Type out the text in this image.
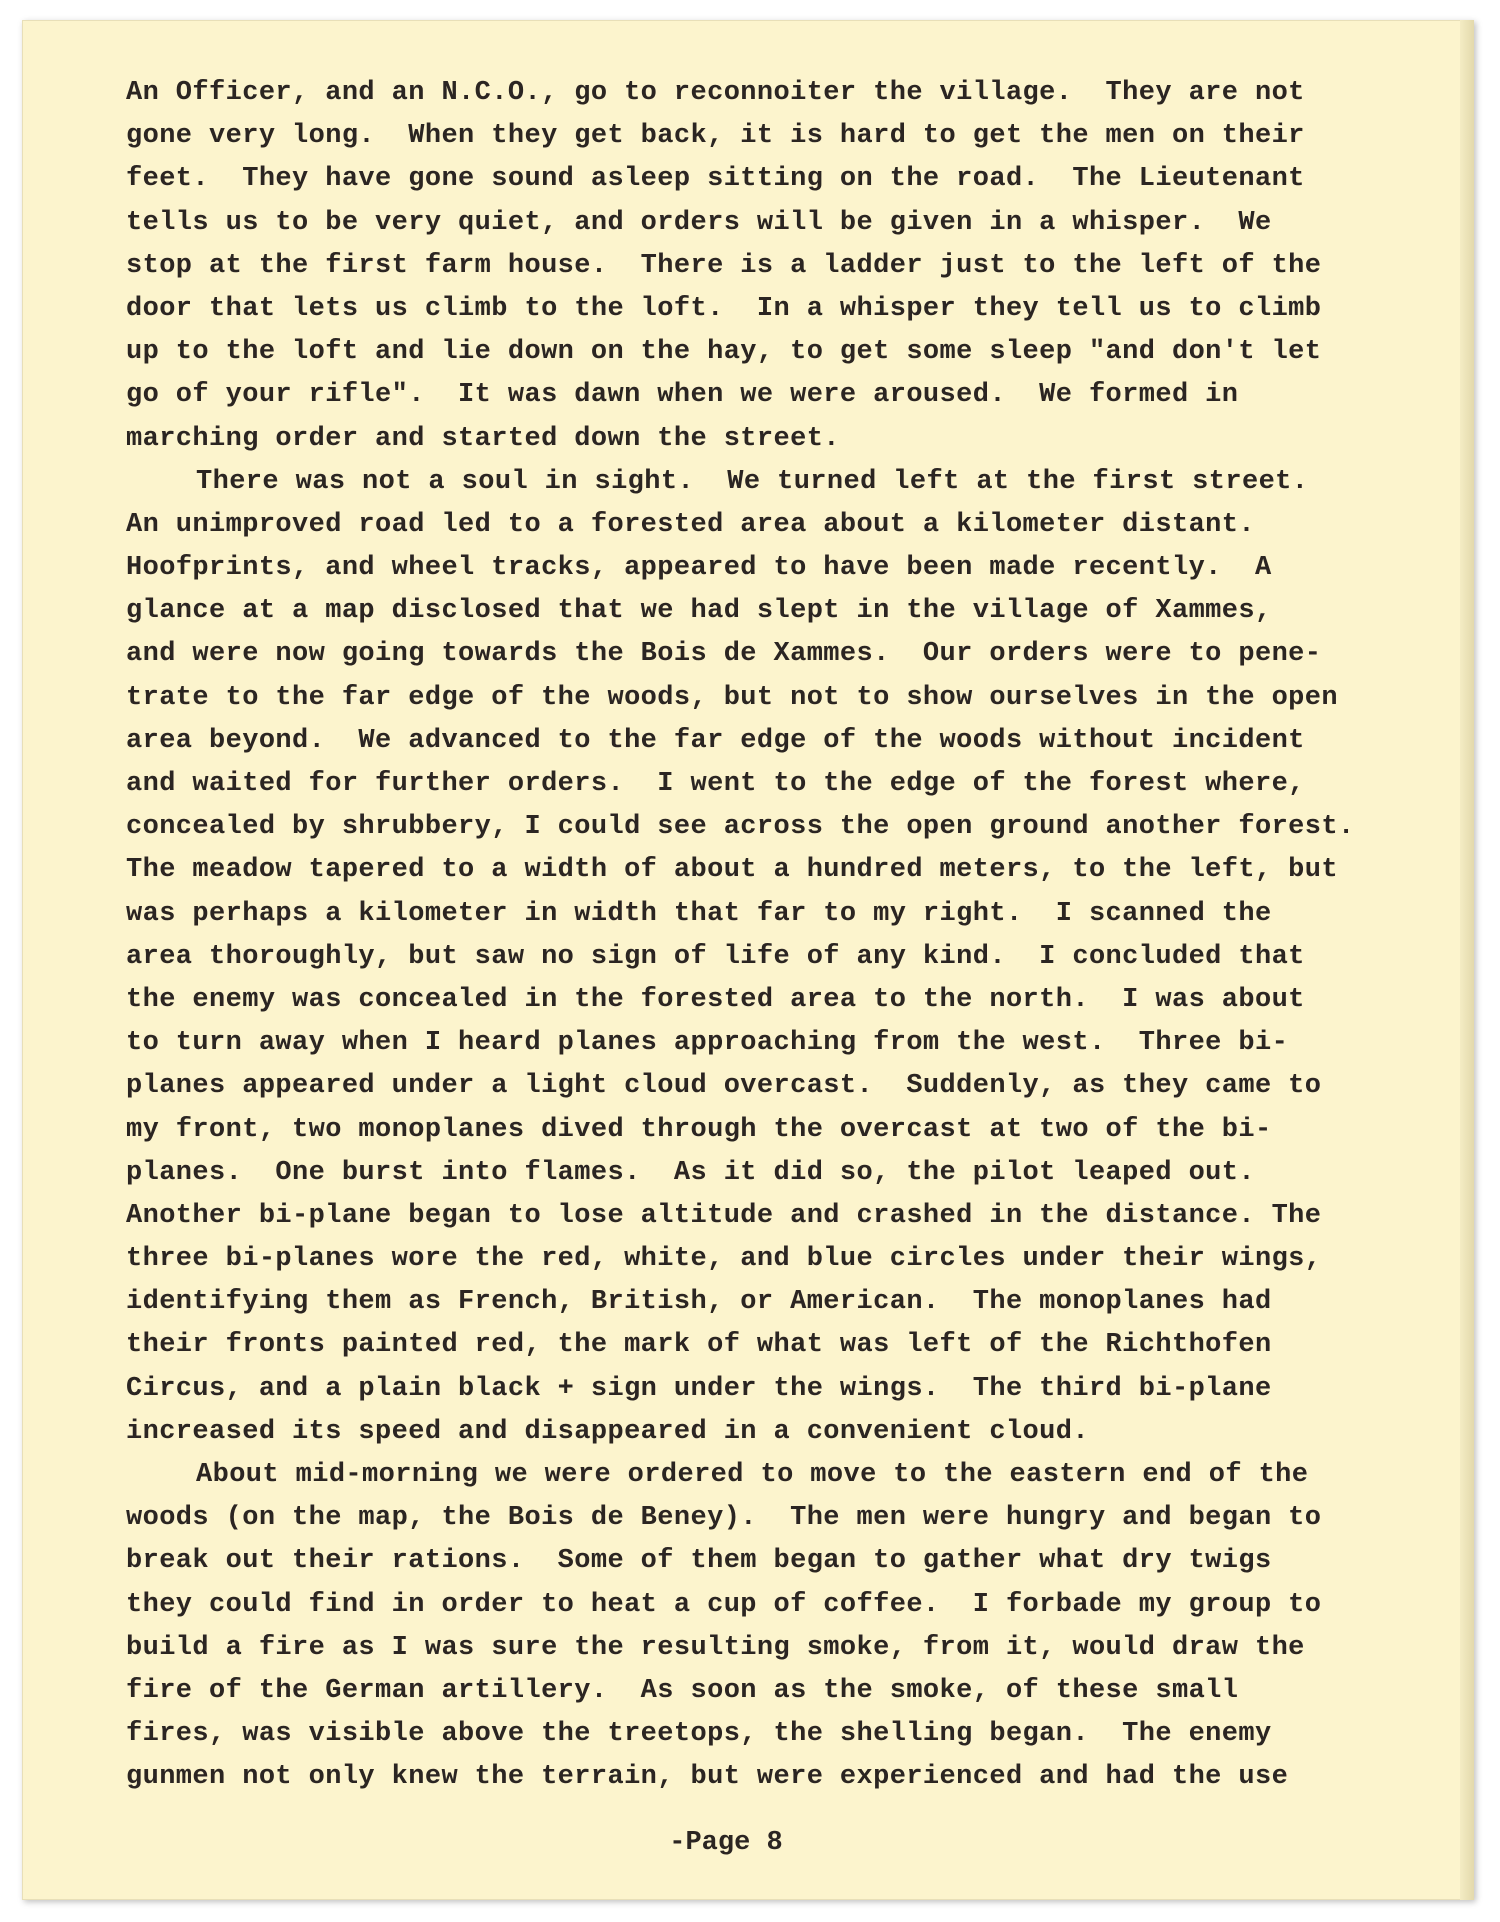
An Officer, and an N.C.O., go to reconnoiter the village.  They are not
gone very long.  When they get back, it is hard to get the men on their
feet.  They have gone sound asleep sitting on the road.  The Lieutenant
tells us to be very quiet, and orders will be given in a whisper.  We
stop at the first farm house.  There is a ladder just to the left of the
door that lets us climb to the loft.  In a whisper they tell us to climb
up to the loft and lie down on the hay, to get some sleep "and don't let
go of your rifle".  It was dawn when we were aroused.  We formed in
marching order and started down the street.
There was not a soul in sight.  We turned left at the first street.
An unimproved road led to a forested area about a kilometer distant.
Hoofprints, and wheel tracks, appeared to have been made recently.  A
glance at a map disclosed that we had slept in the village of Xammes,
and were now going towards the Bois de Xammes.  Our orders were to pene-
trate to the far edge of the woods, but not to show ourselves in the open
area beyond.  We advanced to the far edge of the woods without incident
and waited for further orders.  I went to the edge of the forest where,
concealed by shrubbery, I could see across the open ground another forest.
The meadow tapered to a width of about a hundred meters, to the left, but
was perhaps a kilometer in width that far to my right.  I scanned the
area thoroughly, but saw no sign of life of any kind.  I concluded that
the enemy was concealed in the forested area to the north.  I was about
to turn away when I heard planes approaching from the west.  Three bi-
planes appeared under a light cloud overcast.  Suddenly, as they came to
my front, two monoplanes dived through the overcast at two of the bi-
planes.  One burst into flames.  As it did so, the pilot leaped out.
Another bi-plane began to lose altitude and crashed in the distance. The
three bi-planes wore the red, white, and blue circles under their wings,
identifying them as French, British, or American.  The monoplanes had
their fronts painted red, the mark of what was left of the Richthofen
Circus, and a plain black + sign under the wings.  The third bi-plane
increased its speed and disappeared in a convenient cloud.
About mid-morning we were ordered to move to the eastern end of the
woods (on the map, the Bois de Beney).  The men were hungry and began to
break out their rations.  Some of them began to gather what dry twigs
they could find in order to heat a cup of coffee.  I forbade my group to
build a fire as I was sure the resulting smoke, from it, would draw the
fire of the German artillery.  As soon as the smoke, of these small
fires, was visible above the treetops, the shelling began.  The enemy
gunmen not only knew the terrain, but were experienced and had the use
-Page 8
